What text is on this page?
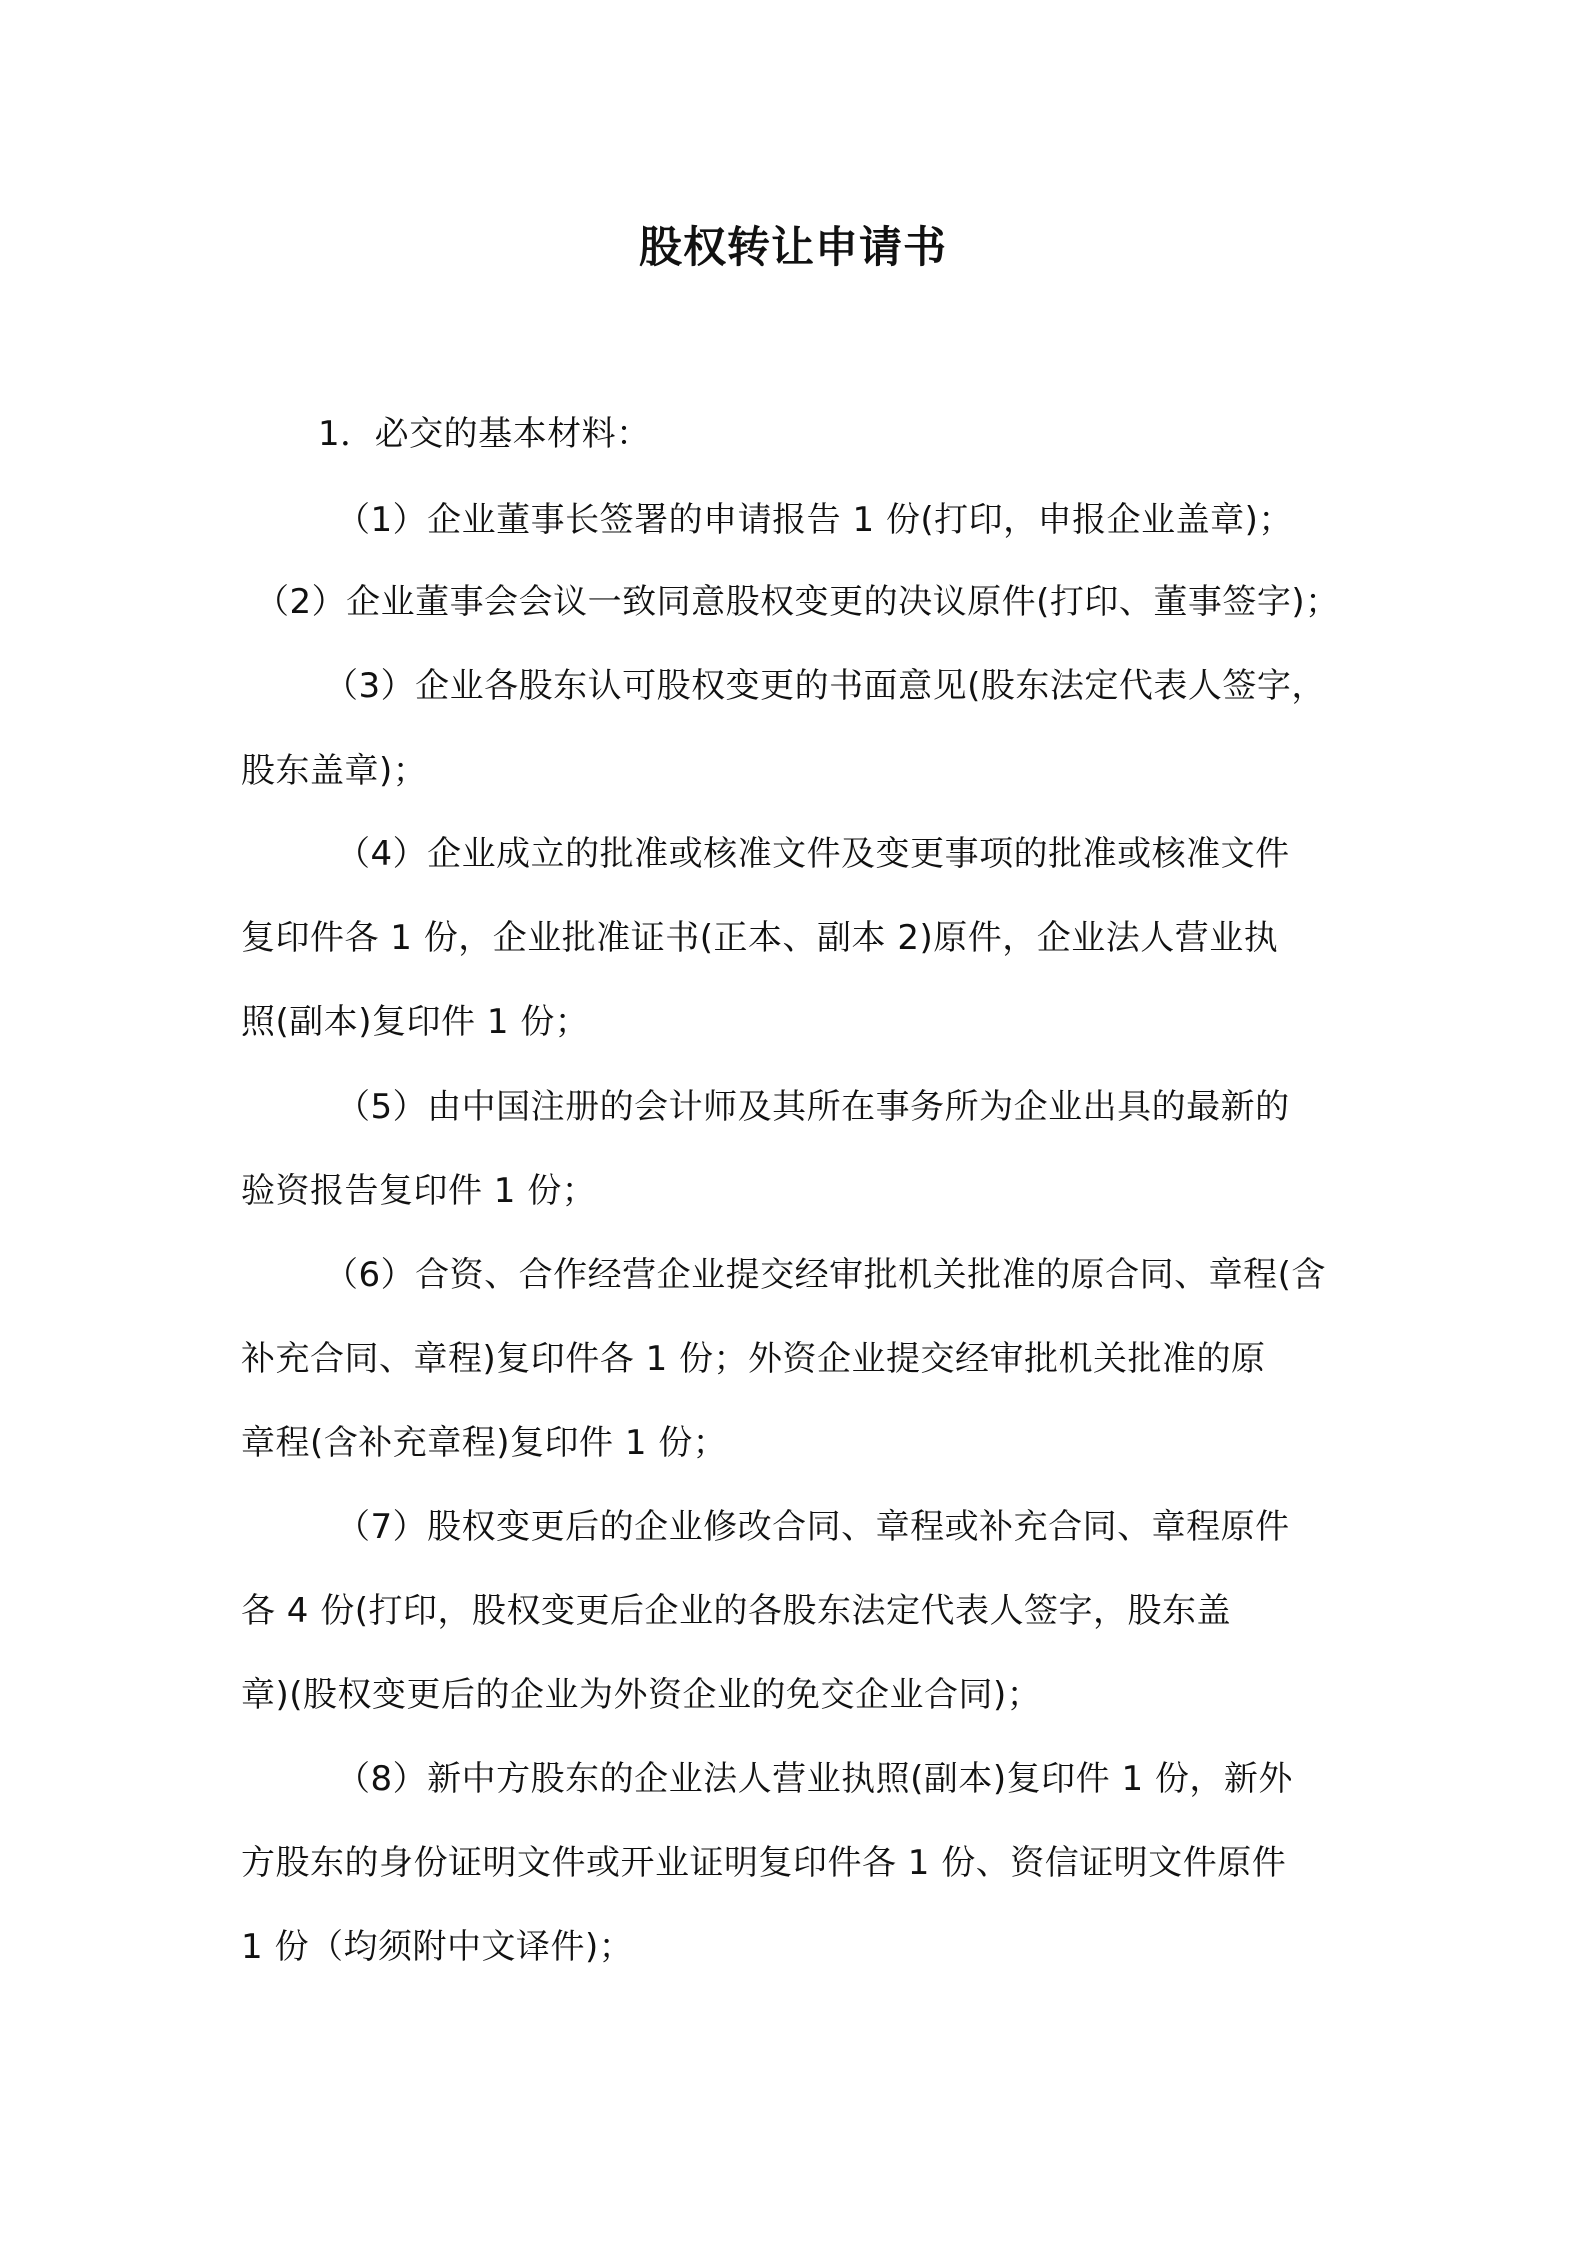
股权转让申请书
1．必交的基本材料：
（1）企业董事长签署的申请报告 1 份(打印，申报企业盖章)；
（2）企业董事会会议一致同意股权变更的决议原件(打印、董事签字)；
（3）企业各股东认可股权变更的书面意见(股东法定代表人签字，
股东盖章)；
（4）企业成立的批准或核准文件及变更事项的批准或核准文件
复印件各 1 份，企业批准证书(正本、副本 2)原件，企业法人营业执
照(副本)复印件 1 份；
（5）由中国注册的会计师及其所在事务所为企业出具的最新的
验资报告复印件 1 份；
（6）合资、合作经营企业提交经审批机关批准的原合同、章程(含
补充合同、章程)复印件各 1 份；外资企业提交经审批机关批准的原
章程(含补充章程)复印件 1 份；
（7）股权变更后的企业修改合同、章程或补充合同、章程原件
各 4 份(打印，股权变更后企业的各股东法定代表人签字，股东盖
章)(股权变更后的企业为外资企业的免交企业合同)；
（8）新中方股东的企业法人营业执照(副本)复印件 1 份，新外
方股东的身份证明文件或开业证明复印件各 1 份、资信证明文件原件
1 份（均须附中文译件)；
